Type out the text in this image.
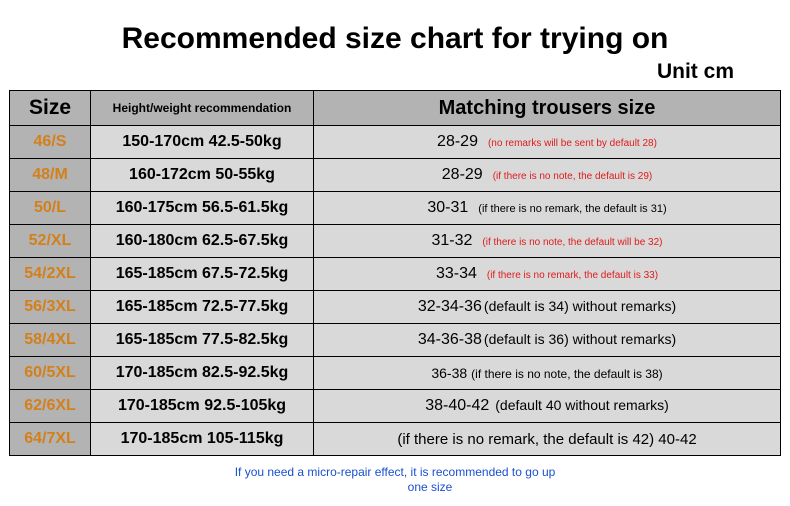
Recommended size chart for trying on
Unit cm
Size	Height/weight recommendation	Matching trousers size
46/S	150-170cm 42.5-50kg	28-29 (no remarks will be sent by default 28)

48/M	160-172cm 50-55kg	28-29 (if there is no note, the default is 29)

50/L	160-175cm 56.5-61.5kg	30-31 (if there is no remark, the default is 31)

52/XL	160-180cm 62.5-67.5kg	31-32 (if there is no note, the default will be 32)

54/2XL	165-185cm 67.5-72.5kg	33-34 (if there is no remark, the default is 33)

56/3XL	165-185cm 72.5-77.5kg	32-34-36 (default is 34) without remarks)

58/4XL	165-185cm 77.5-82.5kg	34-36-38 (default is 36) without remarks)

60/5XL	170-185cm 82.5-92.5kg	36-38 (if there is no note, the default is 38)

62/6XL	170-185cm 92.5-105kg	38-40-42 (default 40 without remarks)

64/7XL	170-185cm 105-115kg	(if there is no remark, the default is 42) 40-42
If you need a micro-repair effect, it is recommended to go up
one size
